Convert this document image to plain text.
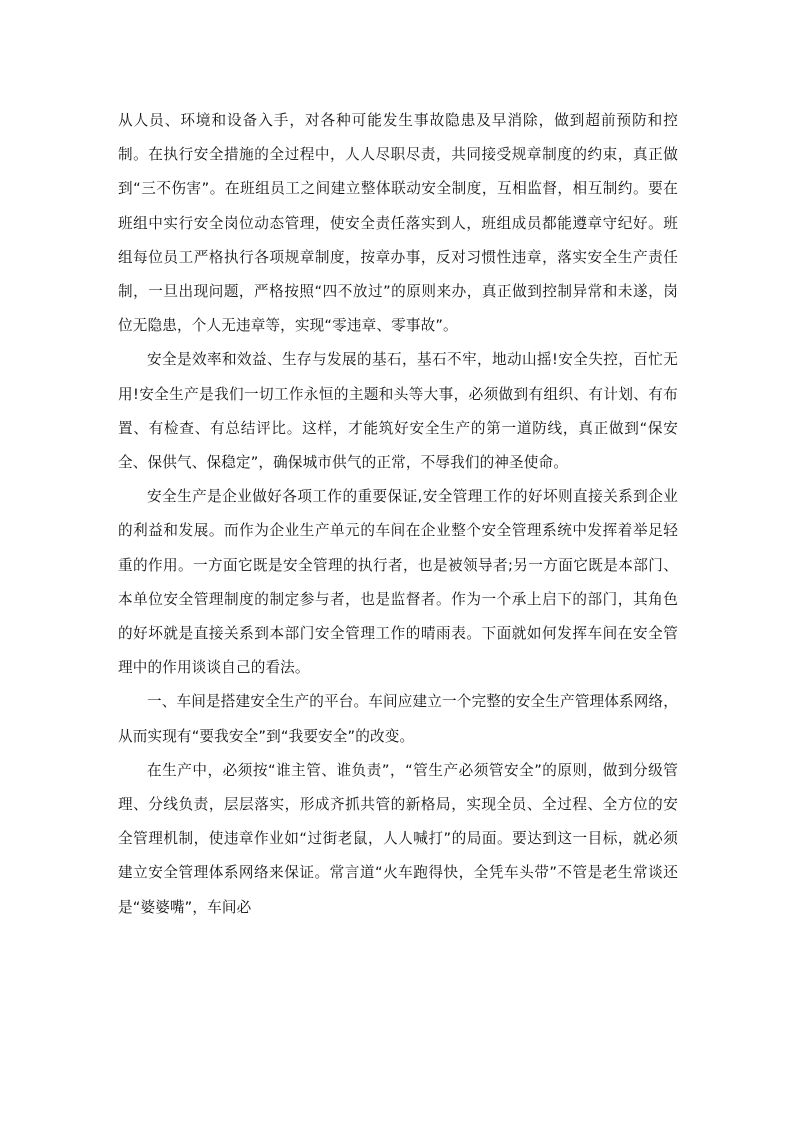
从人员、环境和设备入手，对各种可能发生事故隐患及早消除，做到超前预防和控制。在执行安全措施的全过程中，人人尽职尽责，共同接受规章制度的约束，真正做到“三不伤害”。在班组员工之间建立整体联动安全制度，互相监督，相互制约。要在班组中实行安全岗位动态管理，使安全责任落实到人，班组成员都能遵章守纪好。班组每位员工严格执行各项规章制度，按章办事，反对习惯性违章，落实安全生产责任制，一旦出现问题，严格按照“四不放过”的原则来办，真正做到控制异常和未遂，岗位无隐患，个人无违章等，实现“零违章、零事故”。

安全是效率和效益、生存与发展的基石，基石不牢，地动山摇!安全失控，百忙无用!安全生产是我们一切工作永恒的主题和头等大事，必须做到有组织、有计划、有布置、有检查、有总结评比。这样，才能筑好安全生产的第一道防线，真正做到“保安全、保供气、保稳定”，确保城市供气的正常，不辱我们的神圣使命。

安全生产是企业做好各项工作的重要保证,安全管理工作的好坏则直接关系到企业的利益和发展。而作为企业生产单元的车间在企业整个安全管理系统中发挥着举足轻重的作用。一方面它既是安全管理的执行者，也是被领导者;另一方面它既是本部门、本单位安全管理制度的制定参与者，也是监督者。作为一个承上启下的部门，其角色的好坏就是直接关系到本部门安全管理工作的晴雨表。下面就如何发挥车间在安全管理中的作用谈谈自己的看法。

一、车间是搭建安全生产的平台。车间应建立一个完整的安全生产管理体系网络，从而实现有“要我安全”到“我要安全”的改变。

在生产中，必须按“谁主管、谁负责”，“管生产必须管安全”的原则，做到分级管理、分线负责，层层落实，形成齐抓共管的新格局，实现全员、全过程、全方位的安全管理机制，使违章作业如“过街老鼠，人人喊打”的局面。要达到这一目标，就必须建立安全管理体系网络来保证。常言道“火车跑得快，全凭车头带”不管是老生常谈还是“婆婆嘴”，车间必
